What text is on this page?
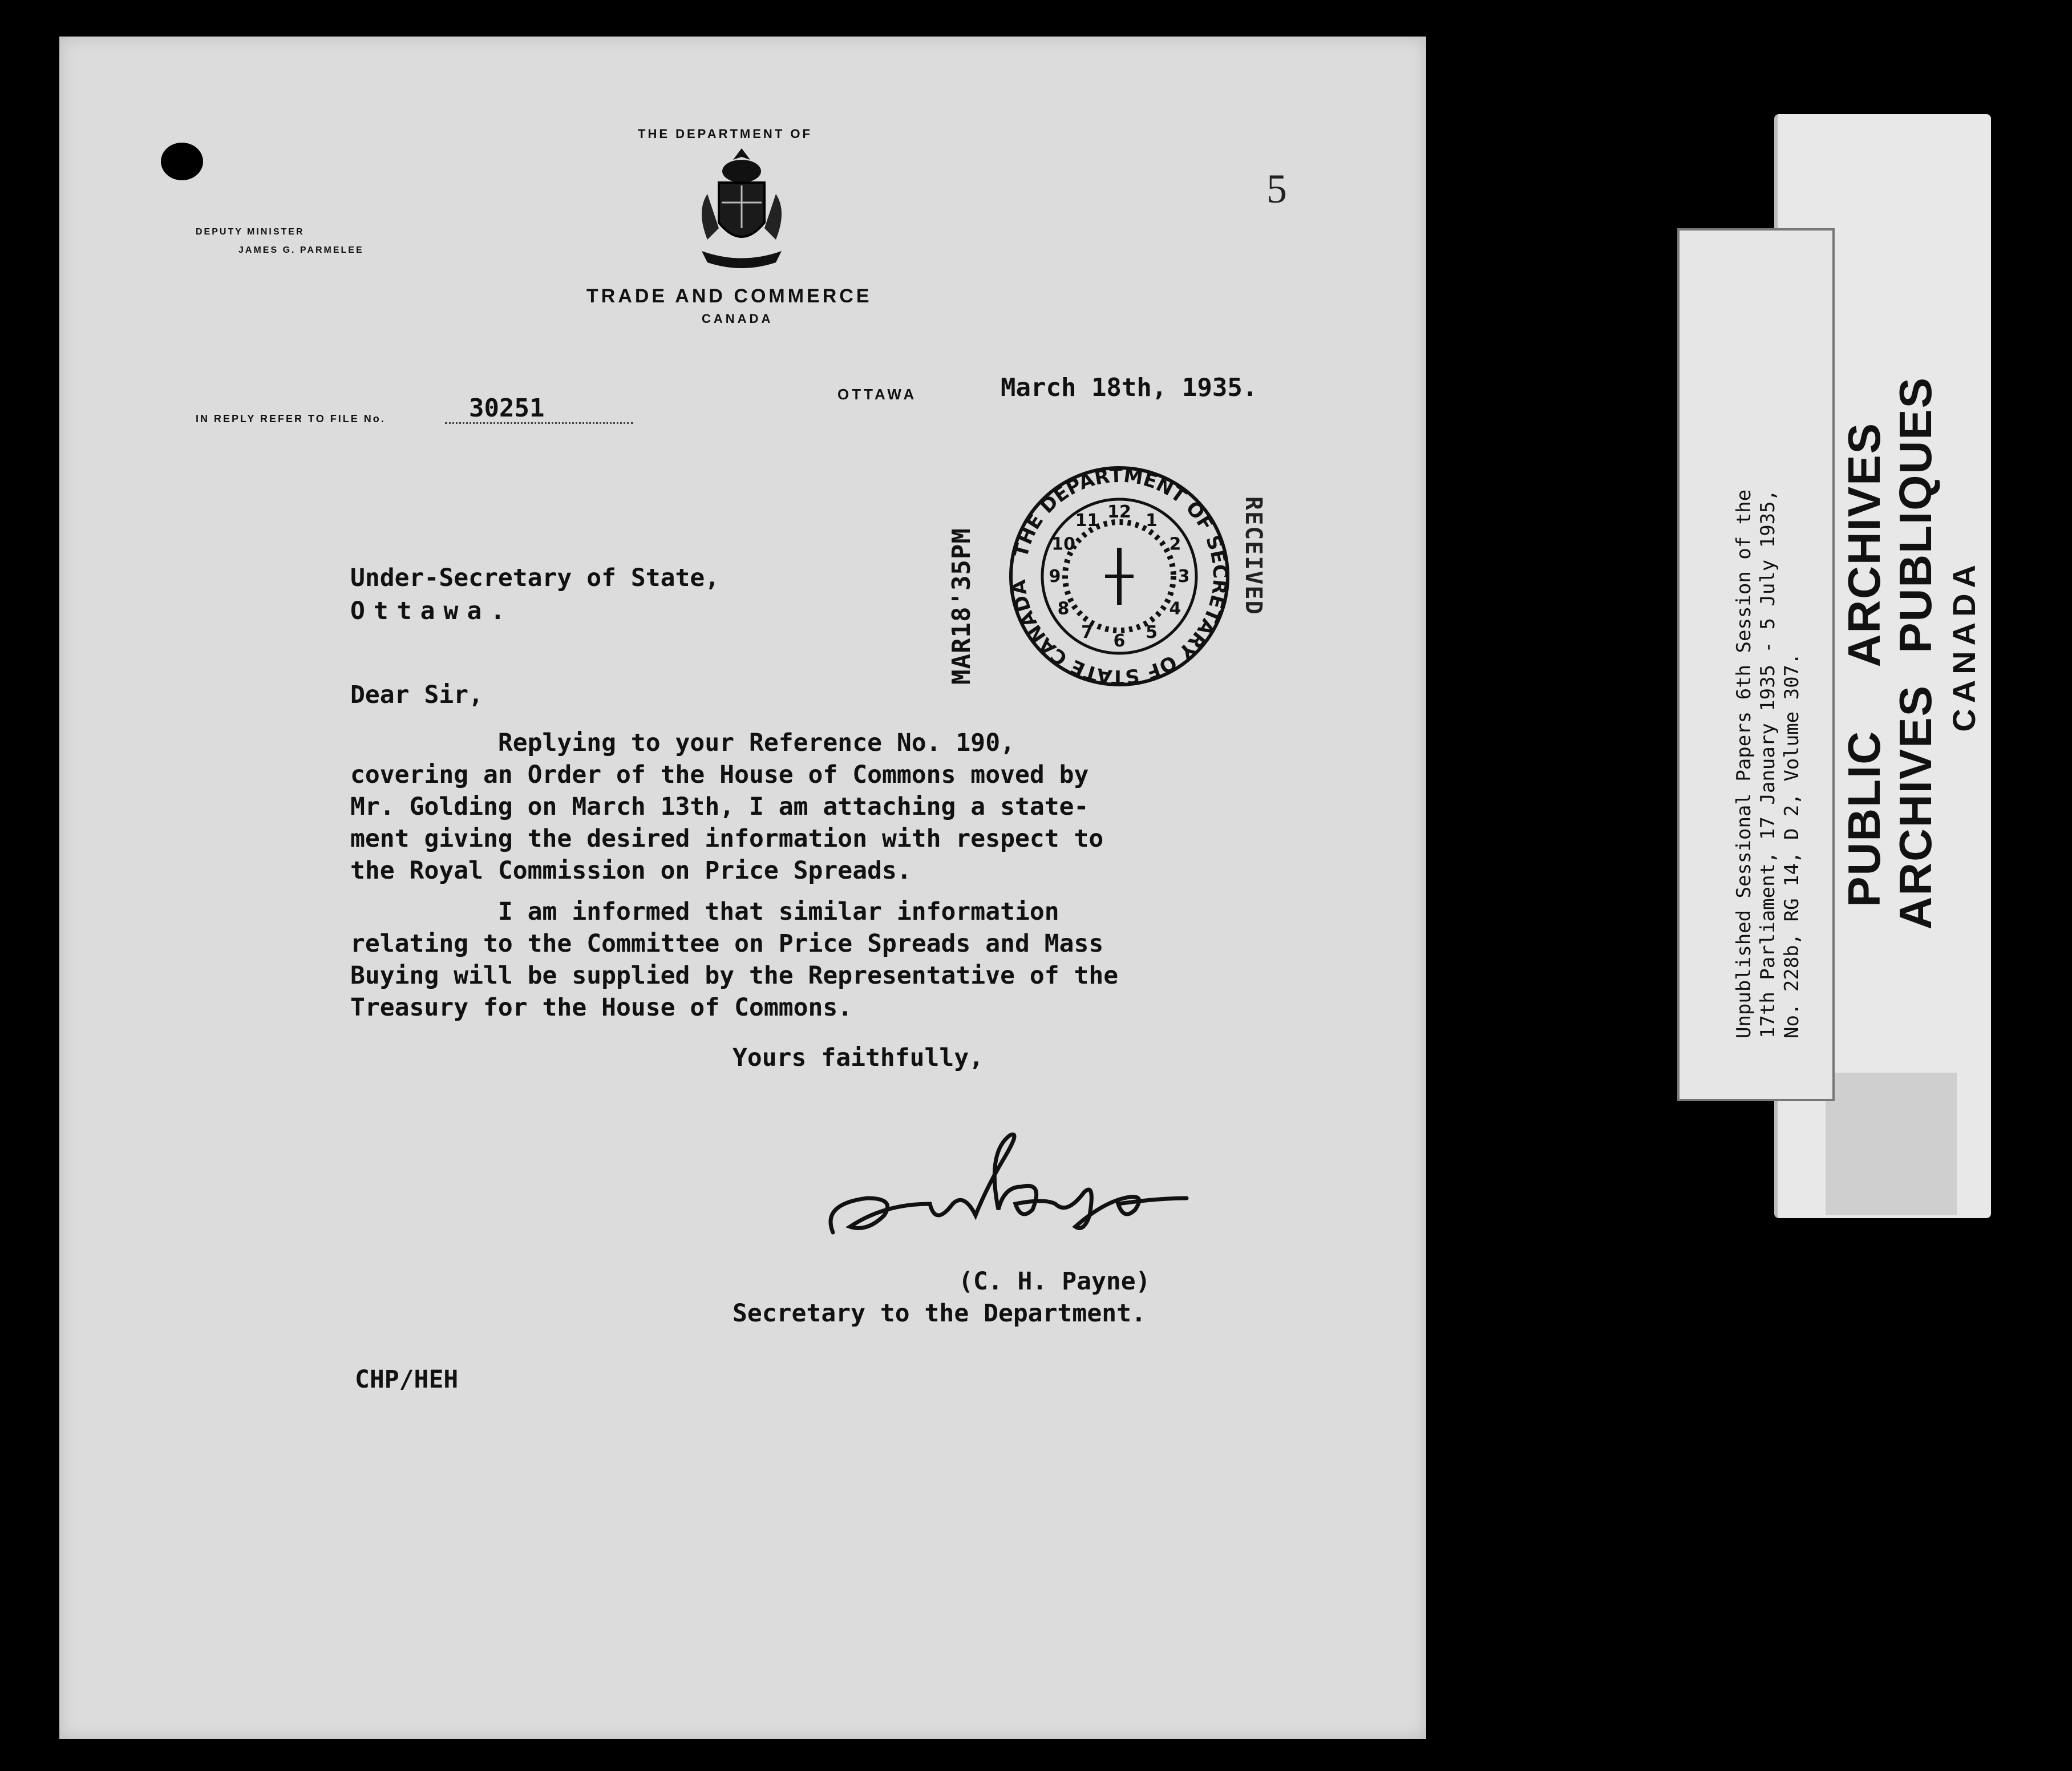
THE DEPARTMENT OF
DEPUTY MINISTER
JAMES G. PARMELEE
TRADE AND COMMERCE
CANADA
5
IN REPLY REFER TO FILE No.	30251	OTTAWA	March 18th, 1935.
MAR18'35PM	THE DEPARTMENT OF SECRETARY OF STATE CANADA
12 1
2
3
4
5
6
7
8
9
10
11	RECEIVED
Under-Secretary of State,
Ottawa.
Dear Sir,
Replying to your Reference No. 190,
covering an Order of the House of Commons moved by
Mr. Golding on March 13th, I am attaching a state-
ment giving the desired information with respect to
the Royal Commission on Price Spreads.
I am informed that similar information
relating to the Committee on Price Spreads and Mass
Buying will be supplied by the Representative of the
Treasury for the House of Commons.
Yours faithfully,
(C. H. Payne)
Secretary to the Department.
CHP/HEH
Unpublished Sessional Papers 6th Session of the
17th Parliament, 17 January 1935 - 5 July 1935,
No. 228b, RG 14, D 2, Volume 307. PUBLIC
ARCHIVES
ARCHIVES
PUBLIQUES CANADA
